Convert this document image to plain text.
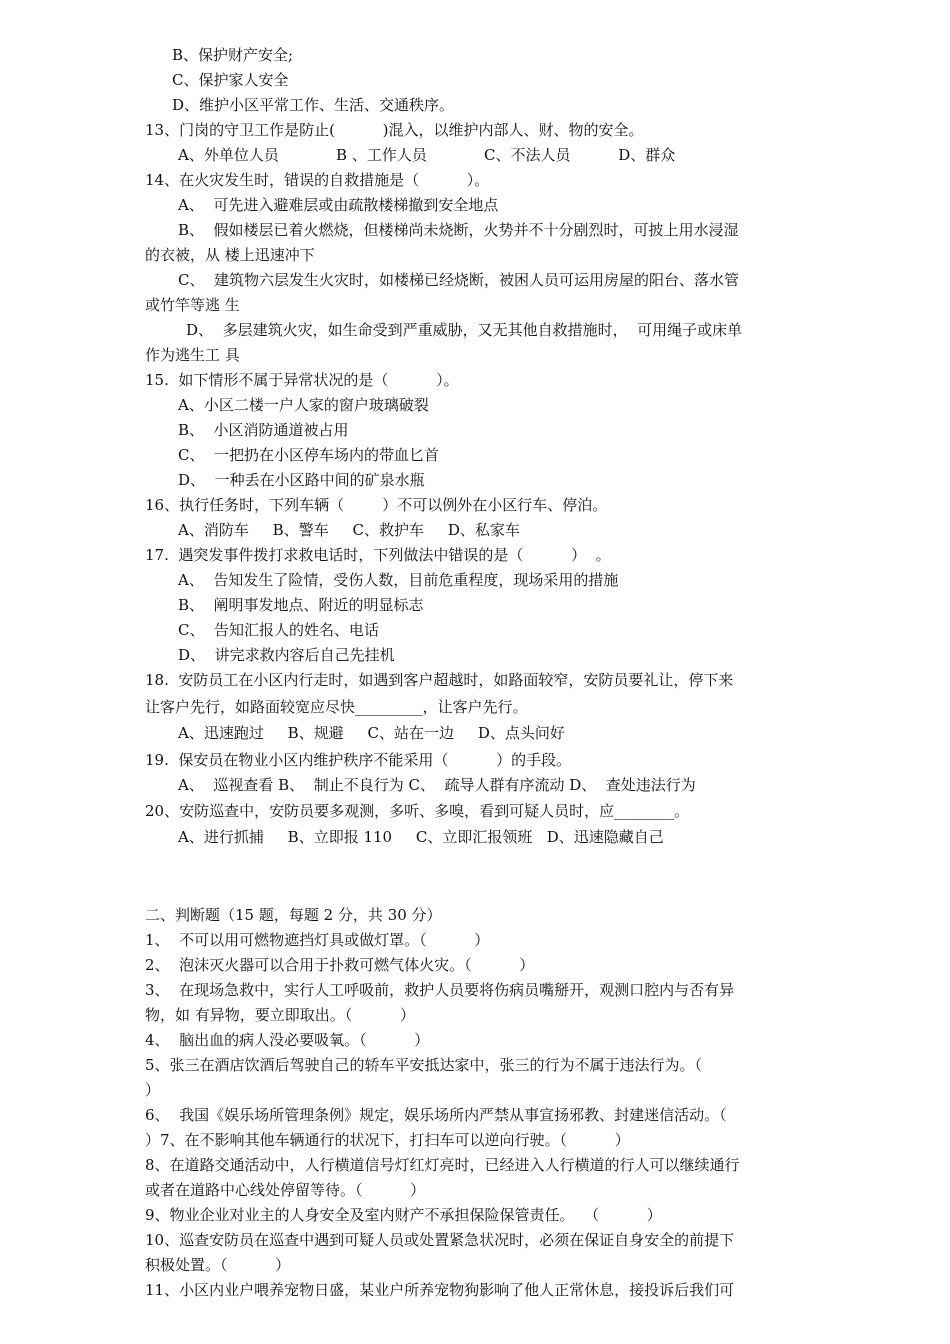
B、保护财产安全;
C、保护家人安全
D、维护小区平常工作、生活、交通秩序。
13、门岗的守卫工作是防止(          )混入，以维护内部人、财、物的安全。
A、外单位人员            B 、工作人员            C、不法人员          D、群众
14、在火灾发生时，错误的自救措施是（          ）。
A、  可先进入避难层或由疏散楼梯撤到安全地点
B、  假如楼层已着火燃烧，但楼梯尚未烧断，火势并不十分剧烈时，可披上用水浸湿
的衣被，从 楼上迅速冲下
C、  建筑物六层发生火灾时，如楼梯已经烧断，被困人员可运用房屋的阳台、落水管
或竹竿等逃 生
D、  多层建筑火灾，如生命受到严重威胁，又无其他自救措施时，  可用绳子或床单
作为逃生工 具
15.  如下情形不属于异常状况的是（          ）。
A、小区二楼一户人家的窗户玻璃破裂
B、  小区消防通道被占用
C、  一把扔在小区停车场内的带血匕首
D、  一种丢在小区路中间的矿泉水瓶
16、执行任务时，下列车辆（        ）不可以例外在小区行车、停泊。
A、消防车     B、警车     C、救护车     D、私家车
17.  遇突发事件拨打求救电话时，下列做法中错误的是（          ）  。
A、  告知发生了险情，受伤人数，目前危重程度，现场采用的措施
B、  阐明事发地点、附近的明显标志
C、  告知汇报人的姓名、电话
D、  讲完求救内容后自己先挂机
18.  安防员工在小区内行走时，如遇到客户超越时，如路面较窄，安防员要礼让，停下来
让客户先行，如路面较宽应尽快_________，让客户先行。
A、迅速跑过     B、规避     C、站在一边     D、点头问好
19.  保安员在物业小区内维护秩序不能采用（          ）的手段。
A、  巡视查看 B、  制止不良行为 C、  疏导人群有序流动 D、  查处违法行为
20、安防巡查中，安防员要多观测，多听、多嗅，看到可疑人员时，应________。
A、进行抓捕     B、立即报 110     C、立即汇报领班   D、迅速隐藏自己
二、判断题（15 题，每题 2 分，共 30 分）
1、  不可以用可燃物遮挡灯具或做灯罩。（          ）
2、  泡沫灭火器可以合用于扑救可燃气体火灾。（          ）
3、  在现场急救中，实行人工呼吸前，救护人员要将伤病员嘴掰开，观测口腔内与否有异
物，如 有异物，要立即取出。（          ）
4、  脑出血的病人没必要吸氧。（          ）
5、张三在酒店饮酒后驾驶自己的轿车平安抵达家中，张三的行为不属于违法行为。（
）
6、  我国《娱乐场所管理条例》规定，娱乐场所内严禁从事宣扬邪教、封建迷信活动。（
）7、在不影响其他车辆通行的状况下，打扫车可以逆向行驶。（          ）
8、在道路交通活动中，人行横道信号灯红灯亮时，已经进入人行横道的行人可以继续通行
或者在道路中心线处停留等待。（          ）
9、物业企业对业主的人身安全及室内财产不承担保险保管责任。  （          ）
10、巡查安防员在巡查中遇到可疑人员或处置紧急状况时，必须在保证自身安全的前提下
积极处置。（          ）
11、小区内业户喂养宠物日盛，某业户所养宠物狗影响了他人正常休息，接投诉后我们可
